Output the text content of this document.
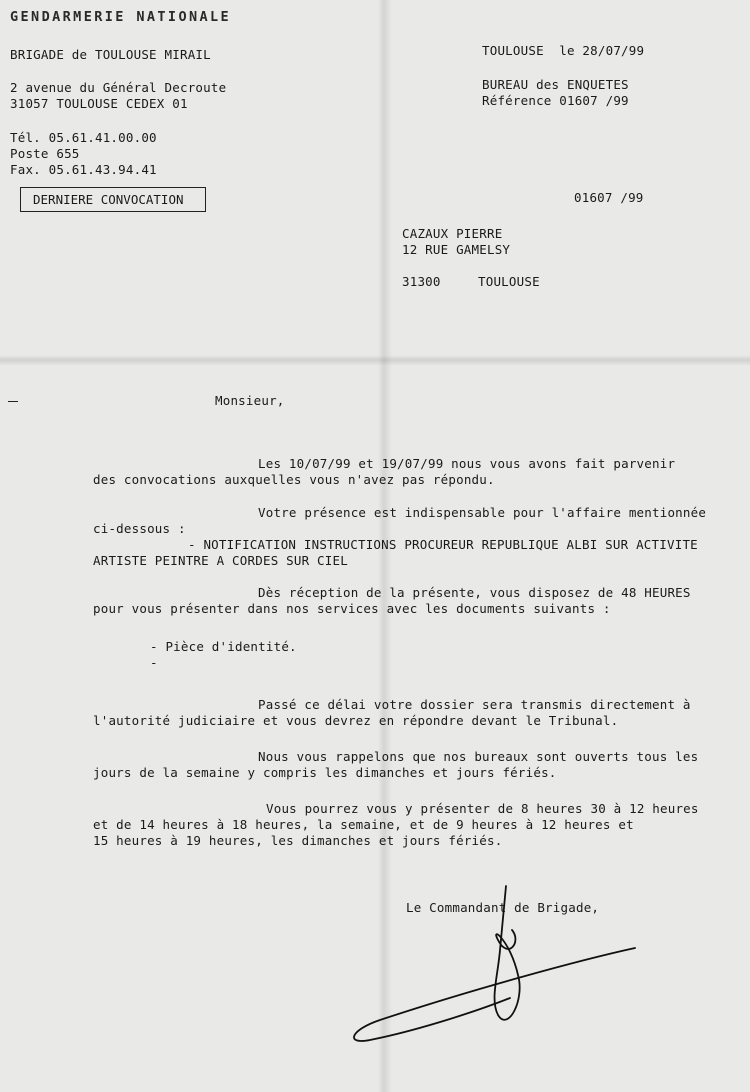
GENDARMERIE NATIONALE
BRIGADE de TOULOUSE MIRAIL
2 avenue du Général Decroute
31057 TOULOUSE CEDEX 01
Tél. 05.61.41.00.00
Poste 655
Fax. 05.61.43.94.41
DERNIERE CONVOCATION
TOULOUSE  le 28/07/99
BUREAU des ENQUETES
Référence 01607 /99
01607 /99
CAZAUX PIERRE
12 RUE GAMELSY
31300	TOULOUSE
Monsieur,
Les 10/07/99 et 19/07/99 nous vous avons fait parvenir
des convocations auxquelles vous n'avez pas répondu.
Votre présence est indispensable pour l'affaire mentionnée
ci-dessous :
- NOTIFICATION INSTRUCTIONS PROCUREUR REPUBLIQUE ALBI SUR ACTIVITE
ARTISTE PEINTRE A CORDES SUR CIEL
Dès réception de la présente, vous disposez de 48 HEURES
pour vous présenter dans nos services avec les documents suivants :
- Pièce d'identité.
-
Passé ce délai votre dossier sera transmis directement à
l'autorité judiciaire et vous devrez en répondre devant le Tribunal.
Nous vous rappelons que nos bureaux sont ouverts tous les
jours de la semaine y compris les dimanches et jours fériés.
Vous pourrez vous y présenter de 8 heures 30 à 12 heures
et de 14 heures à 18 heures, la semaine, et de 9 heures à 12 heures et
15 heures à 19 heures, les dimanches et jours fériés.
Le Commandant de Brigade,
